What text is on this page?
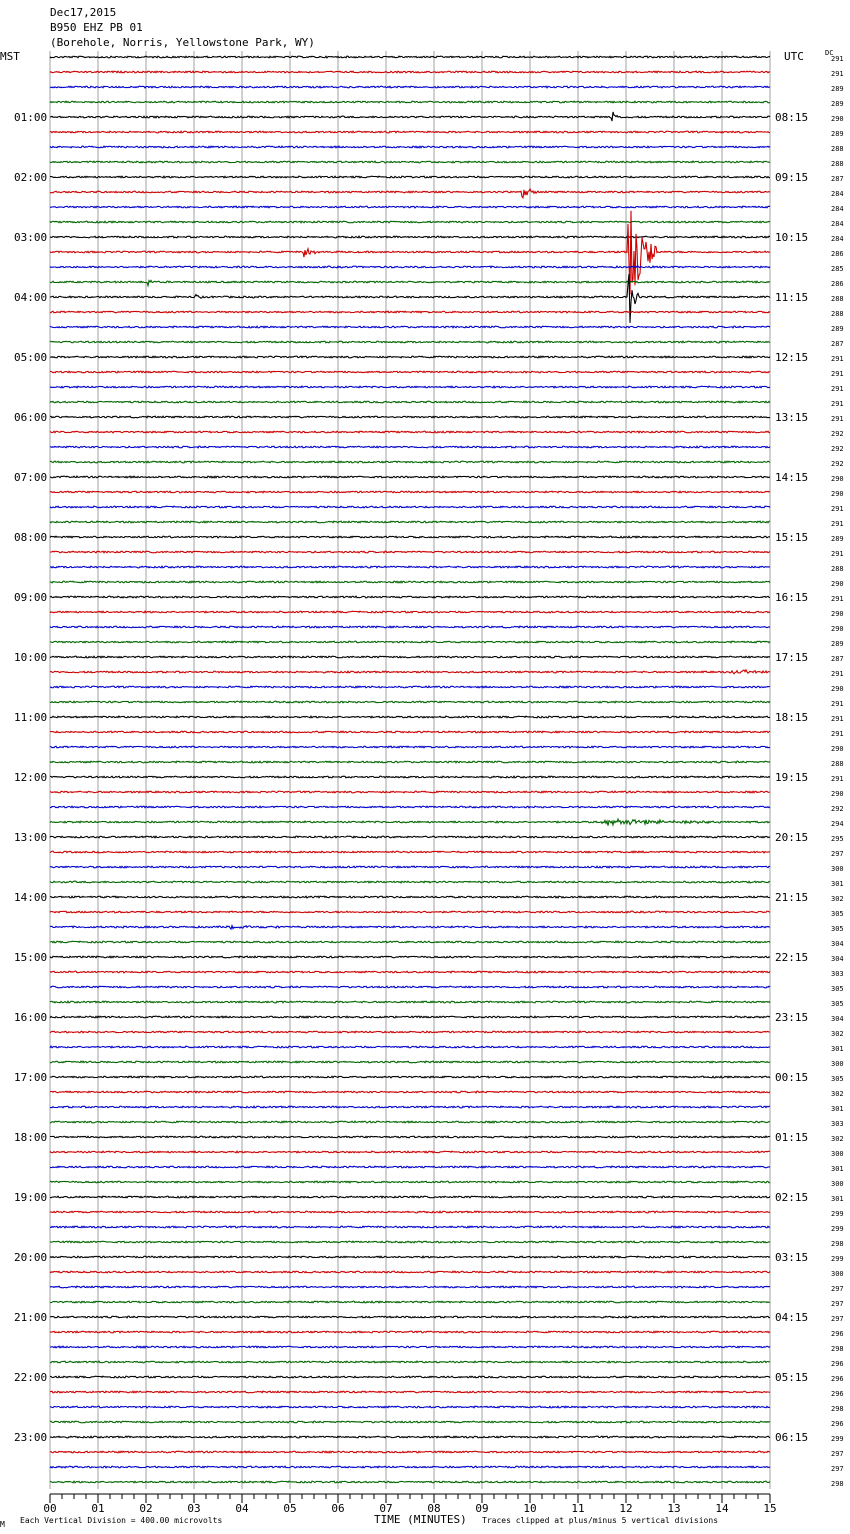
Dec17,2015
B950 EHZ PB 01
(Borehole, Norris, Yellowstone Park, WY)
MST	UTC	DC
01:00
02:00
03:00
04:00
05:00
06:00
07:00
08:00
09:00
10:00
11:00
12:00
13:00
14:00
15:00
16:00
17:00
18:00
19:00
20:00
21:00
22:00
23:00
08:15
09:15
10:15
11:15
12:15
13:15
14:15
15:15
16:15
17:15
18:15
19:15
20:15
21:15
22:15
23:15
00:15
01:15
02:15
03:15
04:15
05:15
06:15
291
291
289
289
290
289
288
288
287
284
284
284
284
286
285
286
288
288
289
287
291
291
291
291
291
292
292
292
290
290
291
291
289
291
288
290
291
290
290
289
287
291
290
291
291
291
290
288
291
290
292
294
295
297
300
301
302
305
305
304
304
303
305
305
304
302
301
300
305
302
301
303
302
300
301
300
301
299
299
298
299
300
297
297
297
296
298
296
296
296
298
296
299
297
297
298
00	01	02	03	04	05	06	07	08	09	10	11	12	13	14	15
M Each Vertical Division = 400.00 microvolts	TIME (MINUTES) Traces clipped at plus/minus 5 vertical divisions
